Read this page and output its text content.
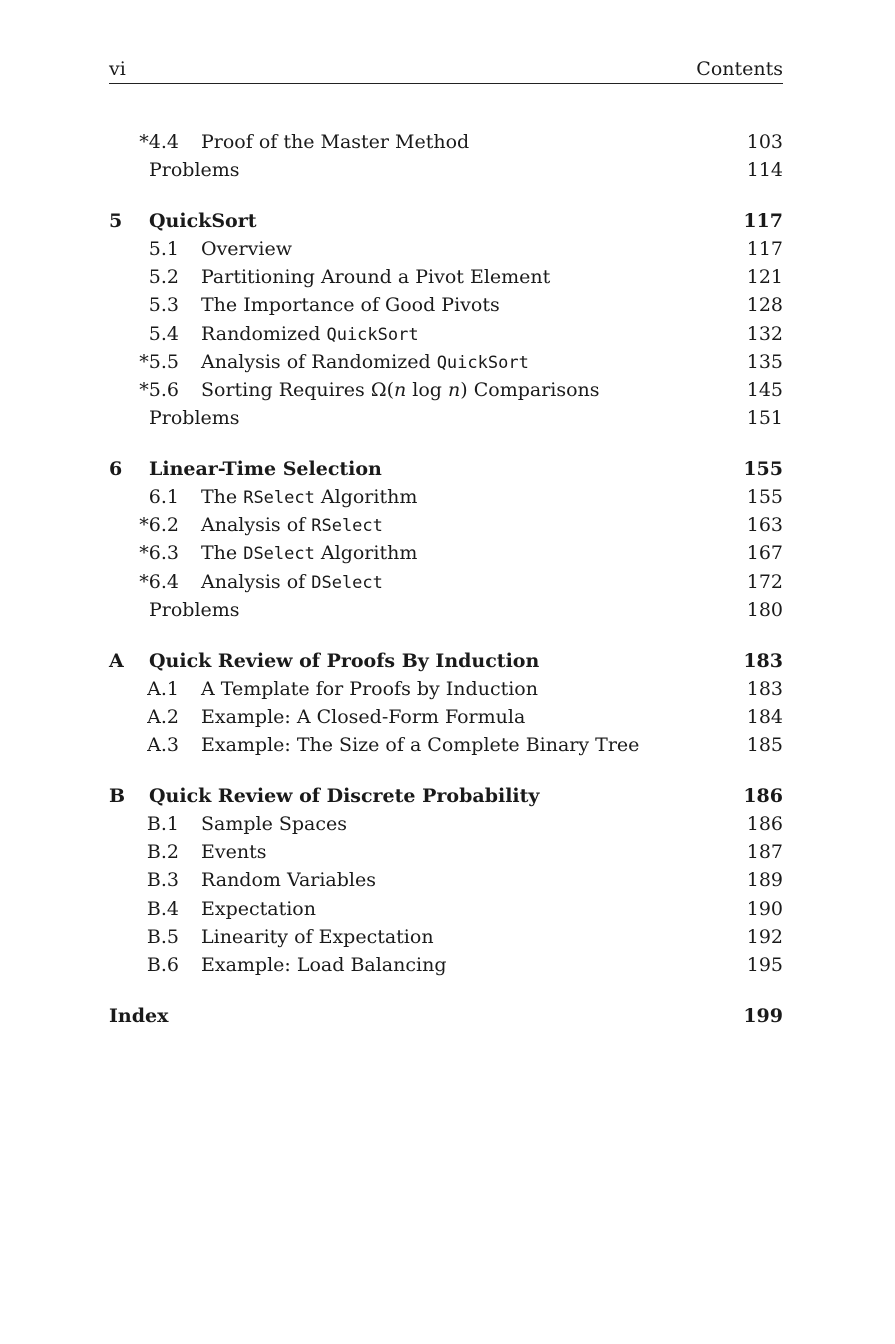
vi	Contents
*4.4	Proof of the Master Method	103
Problems	114
5	QuickSort	117
5.1	Overview	117
5.2	Partitioning Around a Pivot Element	121
5.3	The Importance of Good Pivots	128
5.4	Randomized QuickSort	132
*5.5	Analysis of Randomized QuickSort	135
*5.6	Sorting Requires Ω(n log n) Comparisons	145
Problems	151
6	Linear-Time Selection	155
6.1	The RSelect Algorithm	155
*6.2	Analysis of RSelect	163
*6.3	The DSelect Algorithm	167
*6.4	Analysis of DSelect	172
Problems	180
A	Quick Review of Proofs By Induction	183
A.1	A Template for Proofs by Induction	183
A.2	Example: A Closed-Form Formula	184
A.3	Example: The Size of a Complete Binary Tree	185
B	Quick Review of Discrete Probability	186
B.1	Sample Spaces	186
B.2	Events	187
B.3	Random Variables	189
B.4	Expectation	190
B.5	Linearity of Expectation	192
B.6	Example: Load Balancing	195
Index	199
